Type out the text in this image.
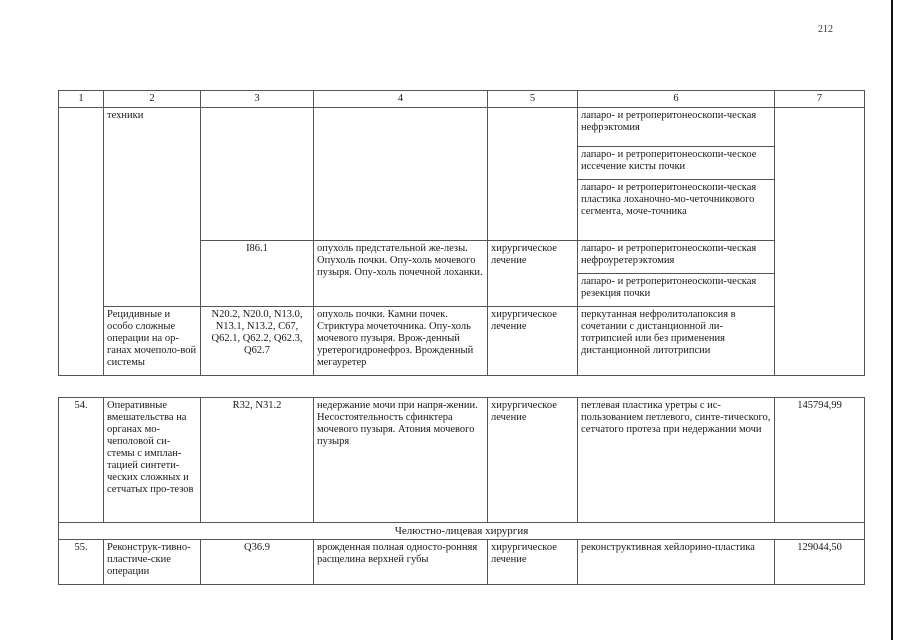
212
1	2	3	4	5	6	7
	техники				лапаро- и ретроперитонеоскопи-ческая нефрэктомия	
					лапаро- и ретроперитонеоскопи-ческое иссечение кисты почки	
					лапаро- и ретроперитонеоскопи-ческая пластика лоханочно-мо-четочникового сегмента, моче-точника	
		I86.1	опухоль предстательной же-лезы. Опухоль почки. Опу-холь мочевого пузыря. Опу-холь почечной лоханки.	хирургическое лечение	лапаро- и ретроперитонеоскопи-ческая нефроуретерэктомия	
					лапаро- и ретроперитонеоскопи-ческая резекция почки	
	Рецидивные и особо сложные операции на ор-ганах мочеполо-вой системы	N20.2, N20.0, N13.0, N13.1, N13.2, C67, Q62.1, Q62.2, Q62.3, Q62.7	опухоль почки. Камни почек. Стриктура мочеточника. Опу-холь мочевого пузыря. Врож-денный уретерогидронефроз. Врожденный мегауретер	хирургическое лечение	перкутанная нефролитолапоксия в сочетании с дистанционной ли-тотрипсией или без применения дистанционной литотрипсии	
54.	Оперативные вмешательства на органах мо-чеполовой си-стемы с имплан-тацией синтети-ческих сложных и сетчатых про-тезов	R32, N31.2	недержание мочи при напря-жении. Несостоятельность сфинктера мочевого пузыря. Атония мочевого пузыря	хирургическое лечение	петлевая пластика уретры с ис-пользованием петлевого, синте-тического, сетчатого протеза при недержании мочи	145794,99
Челюстно-лицевая хирургия						
55.	Реконструк-тивно-пластиче-ские операции	Q36.9	врожденная полная односто-ронняя расщелина верхней губы	хирургическое лечение	реконструктивная хейлорино-пластика	129044,50
